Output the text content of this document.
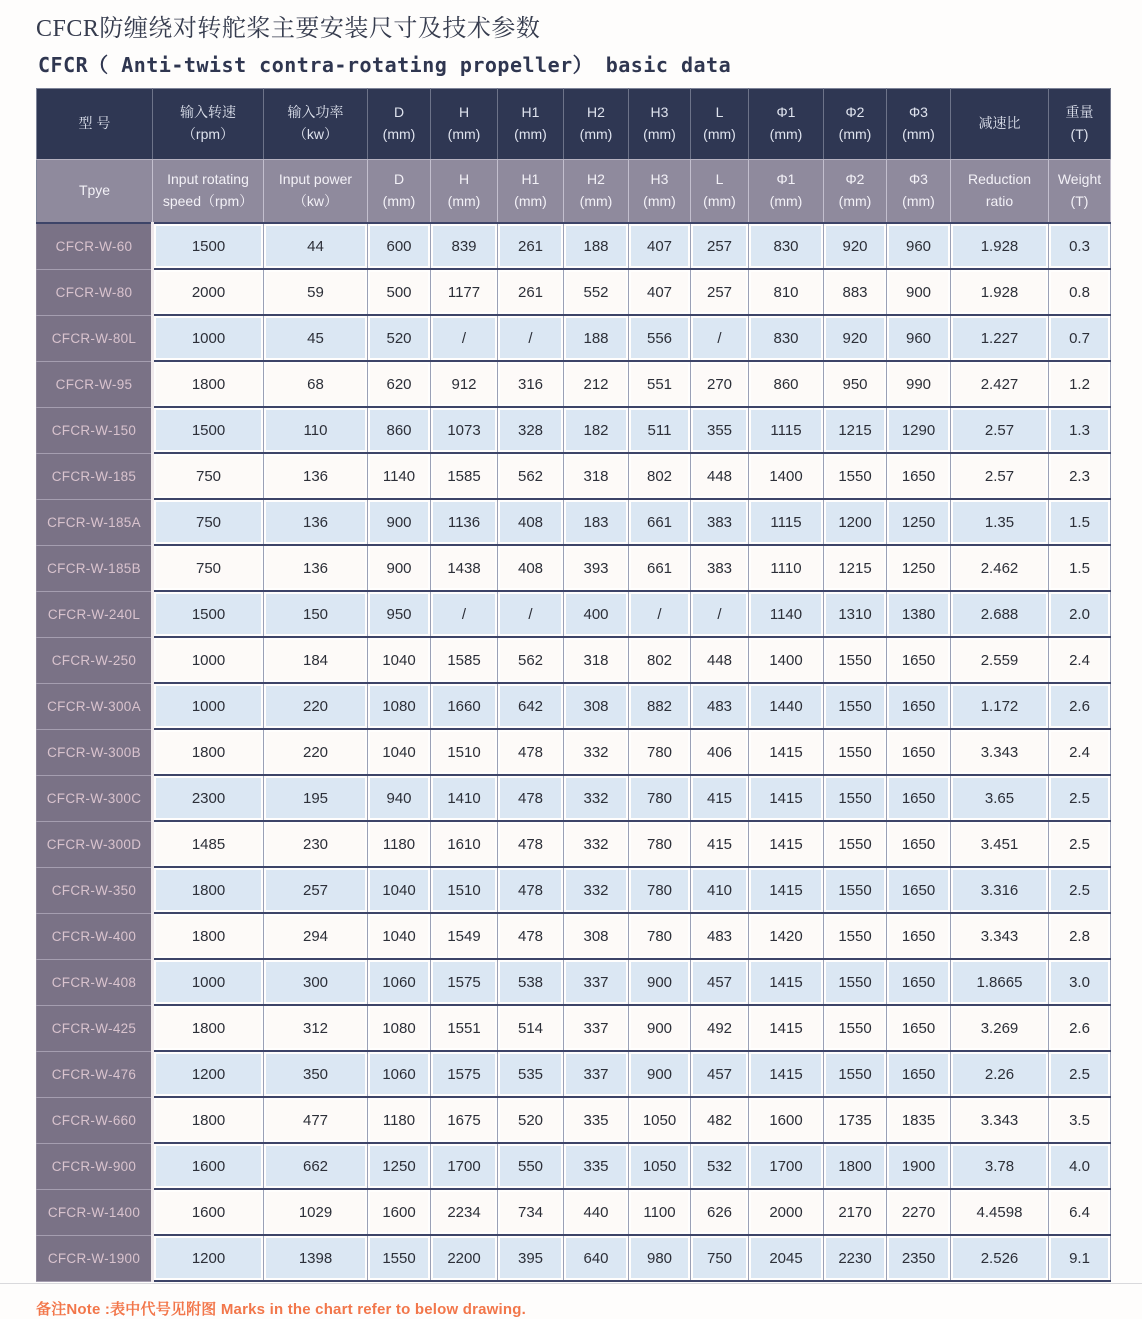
CFCR防缠绕对转舵桨主要安装尺寸及技术参数
CFCR（ Anti-twist contra-rotating propeller） basic data
型 号

输入转速
（rpm）

输入功率
（kw）

D
(mm)

H
(mm)

H1
(mm)

H2
(mm)

H3
(mm)

L
(mm)

Φ1
(mm)

Φ2
(mm)

Φ3
(mm)

减速比

重量
(T)

Tpye

Input rotating
speed（rpm）

Input power
（kw）

D
(mm)

H
(mm)

H1
(mm)

H2
(mm)

H3
(mm)

L
(mm)

Φ1
(mm)

Φ2
(mm)

Φ3
(mm)

Reduction
ratio

Weight
(T)

CFCR-W-60	1500	44	600	839	261	188	407	257	830	920	960	1.928	0.3
CFCR-W-80	2000	59	500	1177	261	552	407	257	810	883	900	1.928	0.8
CFCR-W-80L	1000	45	520	/	/	188	556	/	830	920	960	1.227	0.7
CFCR-W-95	1800	68	620	912	316	212	551	270	860	950	990	2.427	1.2
CFCR-W-150	1500	110	860	1073	328	182	511	355	1115	1215	1290	2.57	1.3
CFCR-W-185	750	136	1140	1585	562	318	802	448	1400	1550	1650	2.57	2.3
CFCR-W-185A	750	136	900	1136	408	183	661	383	1115	1200	1250	1.35	1.5
CFCR-W-185B	750	136	900	1438	408	393	661	383	1110	1215	1250	2.462	1.5
CFCR-W-240L	1500	150	950	/	/	400	/	/	1140	1310	1380	2.688	2.0
CFCR-W-250	1000	184	1040	1585	562	318	802	448	1400	1550	1650	2.559	2.4
CFCR-W-300A	1000	220	1080	1660	642	308	882	483	1440	1550	1650	1.172	2.6
CFCR-W-300B	1800	220	1040	1510	478	332	780	406	1415	1550	1650	3.343	2.4
CFCR-W-300C	2300	195	940	1410	478	332	780	415	1415	1550	1650	3.65	2.5
CFCR-W-300D	1485	230	1180	1610	478	332	780	415	1415	1550	1650	3.451	2.5
CFCR-W-350	1800	257	1040	1510	478	332	780	410	1415	1550	1650	3.316	2.5
CFCR-W-400	1800	294	1040	1549	478	308	780	483	1420	1550	1650	3.343	2.8
CFCR-W-408	1000	300	1060	1575	538	337	900	457	1415	1550	1650	1.8665	3.0
CFCR-W-425	1800	312	1080	1551	514	337	900	492	1415	1550	1650	3.269	2.6
CFCR-W-476	1200	350	1060	1575	535	337	900	457	1415	1550	1650	2.26	2.5
CFCR-W-660	1800	477	1180	1675	520	335	1050	482	1600	1735	1835	3.343	3.5
CFCR-W-900	1600	662	1250	1700	550	335	1050	532	1700	1800	1900	3.78	4.0
CFCR-W-1400	1600	1029	1600	2234	734	440	1100	626	2000	2170	2270	4.4598	6.4
CFCR-W-1900	1200	1398	1550	2200	395	640	980	750	2045	2230	2350	2.526	9.1

备注Note :表中代号见附图 Marks in the chart refer to below drawing.
